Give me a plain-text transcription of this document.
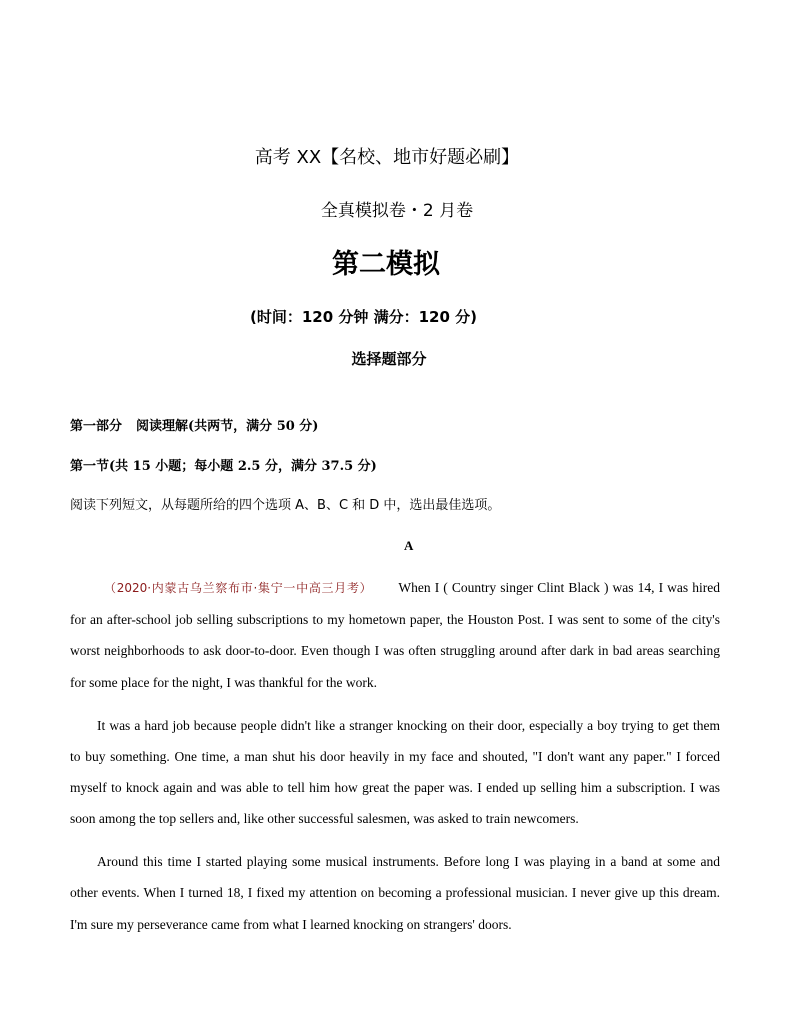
高考 XX【名校、地市好题必刷】
全真模拟卷・2 月卷
第二模拟
(时间：120 分钟 满分：120 分)
选择题部分
第一部分 阅读理解(共两节，满分 50 分)
第一节(共 15 小题；每小题 2.5 分，满分 37.5 分)
阅读下列短文，从每题所给的四个选项 A、B、C 和 D 中，选出最佳选项。
A
（2020·内蒙古乌兰察布市·集宁一中高三月考） When I ( Country singer Clint Black ) was 14, I was hired
for an after-school job selling subscriptions to my hometown paper, the Houston Post. I was sent to some of the city's
worst neighborhoods to ask door-to-door. Even though I was often struggling around after dark in bad areas searching
for some place for the night, I was thankful for the work.
It was a hard job because people didn't like a stranger knocking on their door, especially a boy trying to get them
to buy something. One time, a man shut his door heavily in my face and shouted, "I don't want any paper." I forced
myself to knock again and was able to tell him how great the paper was. I ended up selling him a subscription. I was
soon among the top sellers and, like other successful salesmen, was asked to train newcomers.
Around this time I started playing some musical instruments. Before long I was playing in a band at some and
other events. When I turned 18, I fixed my attention on becoming a professional musician. I never give up this dream.
I'm sure my perseverance came from what I learned knocking on strangers' doors.
